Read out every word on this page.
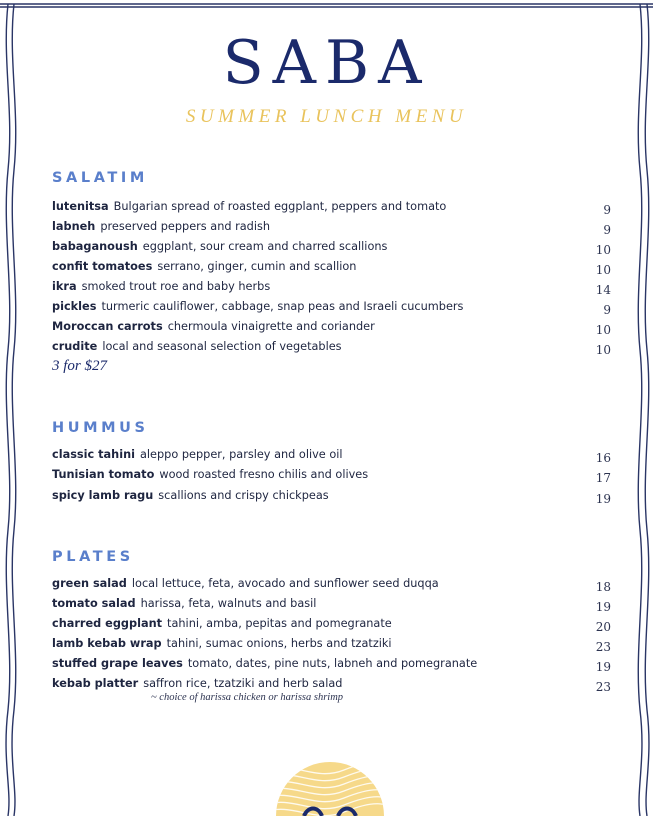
SABA
SUMMER LUNCH MENU
SALATIM
lutenitsa Bulgarian spread of roasted eggplant, peppers and tomato	9
labneh preserved peppers and radish	9
babaganoush eggplant, sour cream and charred scallions	10
confit tomatoes serrano, ginger, cumin and scallion	10
ikra smoked trout roe and baby herbs	14
pickles turmeric cauliflower, cabbage, snap peas and Israeli cucumbers	9
Moroccan carrots chermoula vinaigrette and coriander	10
crudite local and seasonal selection of vegetables	10
3 for $27
HUMMUS
classic tahini aleppo pepper, parsley and olive oil	16
Tunisian tomato wood roasted fresno chilis and olives	17
spicy lamb ragu scallions and crispy chickpeas	19
PLATES
green salad local lettuce, feta, avocado and sunflower seed duqqa	18
tomato salad harissa, feta, walnuts and basil	19
charred eggplant tahini, amba, pepitas and pomegranate	20
lamb kebab wrap tahini, sumac onions, herbs and tzatziki	23
stuffed grape leaves tomato, dates, pine nuts, labneh and pomegranate	19
kebab platter saffron rice, tzatziki and herb salad	23
~ choice of harissa chicken or harissa shrimp
